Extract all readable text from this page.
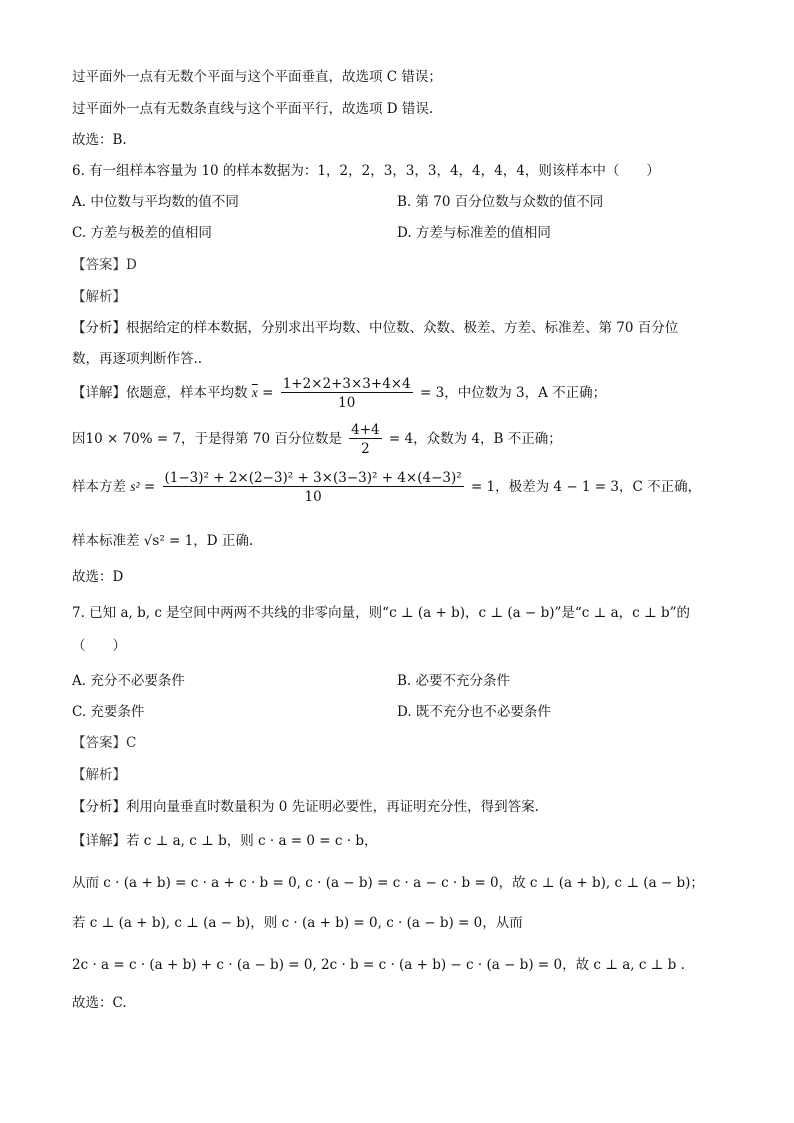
过平面外一点有无数个平面与这个平面垂直，故选项 C 错误；
过平面外一点有无数条直线与这个平面平行，故选项 D 错误.
故选：B.
6. 有一组样本容量为 10 的样本数据为：1，2，2，3，3，3，4，4，4，4，则该样本中（　　）
A. 中位数与平均数的值不同	B. 第 70 百分位数与众数的值不同
C. 方差与极差的值相同	D. 方差与标准差的值相同
【答案】D
【解析】
【分析】根据给定的样本数据，分别求出平均数、中位数、众数、极差、方差、标准差、第 70 百分位
数，再逐项判断作答..
【详解】依题意，样本平均数 $\overline{x} = \frac{1+2\times 2+3\times 3+4\times 4}{10} = 3$，中位数为 3，A 不正确；
因10 × 70% = 7，于是得第 70 百分位数是 $\frac{4+4}{2} = 4$，众数为 4，B 不正确；
样本方差 $s^2 = \frac{\text{(1−3)² + 2×(2−3)² + 3×(3−3)² + 4×(4−3)²}}{10} = 1$，极差为 4 − 1 = 3，C 不正确，
样本标准差 √s² = 1，D 正确.
故选：D
7. 已知 a, b, c 是空间中两两不共线的非零向量，则“c ⊥ (a + b)，c ⊥ (a − b)”是“c ⊥ a，c ⊥ b”的
（　　）
A. 充分不必要条件	B. 必要不充分条件
C. 充要条件	D. 既不充分也不必要条件
【答案】C
【解析】
【分析】利用向量垂直时数量积为 0 先证明必要性，再证明充分性，得到答案.
【详解】若 c ⊥ a, c ⊥ b，则 c · a = 0 = c · b，
从而 c · (a + b) = c · a + c · b = 0, c · (a − b) = c · a − c · b = 0，故 c ⊥ (a + b), c ⊥ (a − b)；
若 c ⊥ (a + b), c ⊥ (a − b)，则 c · (a + b) = 0, c · (a − b) = 0，从而
2c · a = c · (a + b) + c · (a − b) = 0, 2c · b = c · (a + b) − c · (a − b) = 0，故 c ⊥ a, c ⊥ b .
故选：C.
